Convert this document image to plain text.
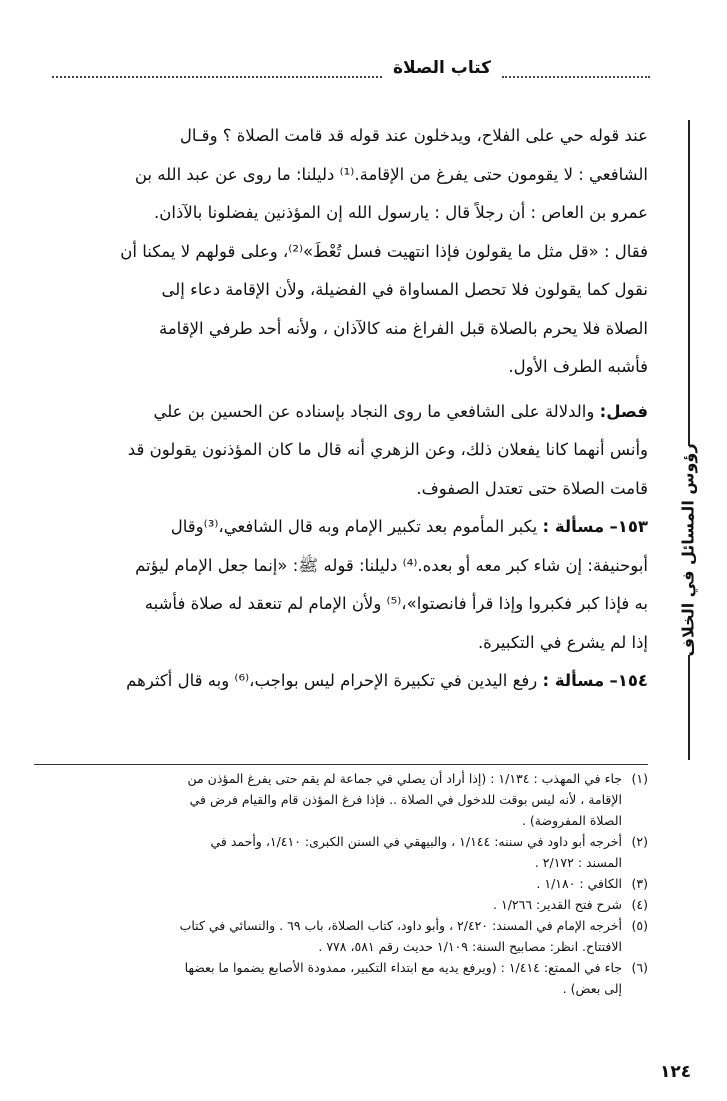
كتاب الصلاة
رؤوس المسائل في الخلاف
عند قوله حي على الفلاح، ويدخلون عند قوله قد قامت الصلاة ؟ وقـال
الشافعي : لا يقومون حتى يفرغ من الإقامة.⁽¹⁾ دليلنا: ما روى عن عبد الله بن
عمرو بن العاص : أن رجلاً قال : يارسول الله إن المؤذنين يفضلونا بالآذان.
فقال : «قل مثل ما يقولون فإذا انتهيت فسل تُعْطَ»⁽²⁾، وعلى قولهم لا يمكنا أن
نقول كما يقولون فلا تحصل المساواة في الفضيلة، ولأن الإقامة دعاء إلى
الصلاة فلا يحرم بالصلاة قبل الفراغ منه كالآذان ، ولأنه أحد طرفي الإقامة
فأشبه الطرف الأول.
فصل: والدلالة على الشافعي ما روى النجاد بإسناده عن الحسين بن علي
وأنس أنهما كانا يفعلان ذلك، وعن الزهري أنه قال ما كان المؤذنون يقولون قد
قامت الصلاة حتى تعتدل الصفوف.
١٥٣– مسألة : يكبر المأموم بعد تكبير الإمام وبه قال الشافعي،⁽³⁾وقال
أبوحنيفة: إن شاء كبر معه أو بعده.⁽⁴⁾ دليلنا: قوله ﷺ: «إنما جعل الإمام ليؤتم
به فإذا كبر فكبروا وإذا قرأ فانصتوا»،⁽⁵⁾ ولأن الإمام لم تنعقد له صلاة فأشبه
إذا لم يشرع في التكبيرة.
١٥٤– مسألة : رفع اليدين في تكبيرة الإحرام ليس بواجب،⁽⁶⁾ وبه قال أكثرهم
(١)جاء في المهذب : ١/١٣٤ : (إذا أراد أن يصلي في جماعة لم يقم حتى يفرغ المؤذن من
الإقامة ، لأنه ليس بوقت للدخول في الصلاة .. فإذا فرغ المؤذن قام والقيام فرض في
الصلاة المفروضة) .
(٢)أخرجه أبو داود في سننه: ١/١٤٤ ، والبيهقي في السنن الكبرى: ١/٤١٠، وأحمد في
المسند : ٢/١٧٢ .
(٣)الكافي : ١/١٨٠ .
(٤)شرح فتح القدير: ١/٢٦٦ .
(٥)أخرجه الإمام في المسند: ٢/٤٢٠ ، وأبو داود، كتاب الصلاة، باب ٦٩ . والنسائي في كتاب
الافتتاح. انظر: مصابيح السنة: ١/١٠٩ حديث رقم ٥٨١، ٧٧٨ .
(٦)جاء في الممتع: ١/٤١٤ : (ويرفع يديه مع ابتداء التكبير، ممدودة الأصابع يضموا ما بعضها
إلى بعض) .
١٢٤
